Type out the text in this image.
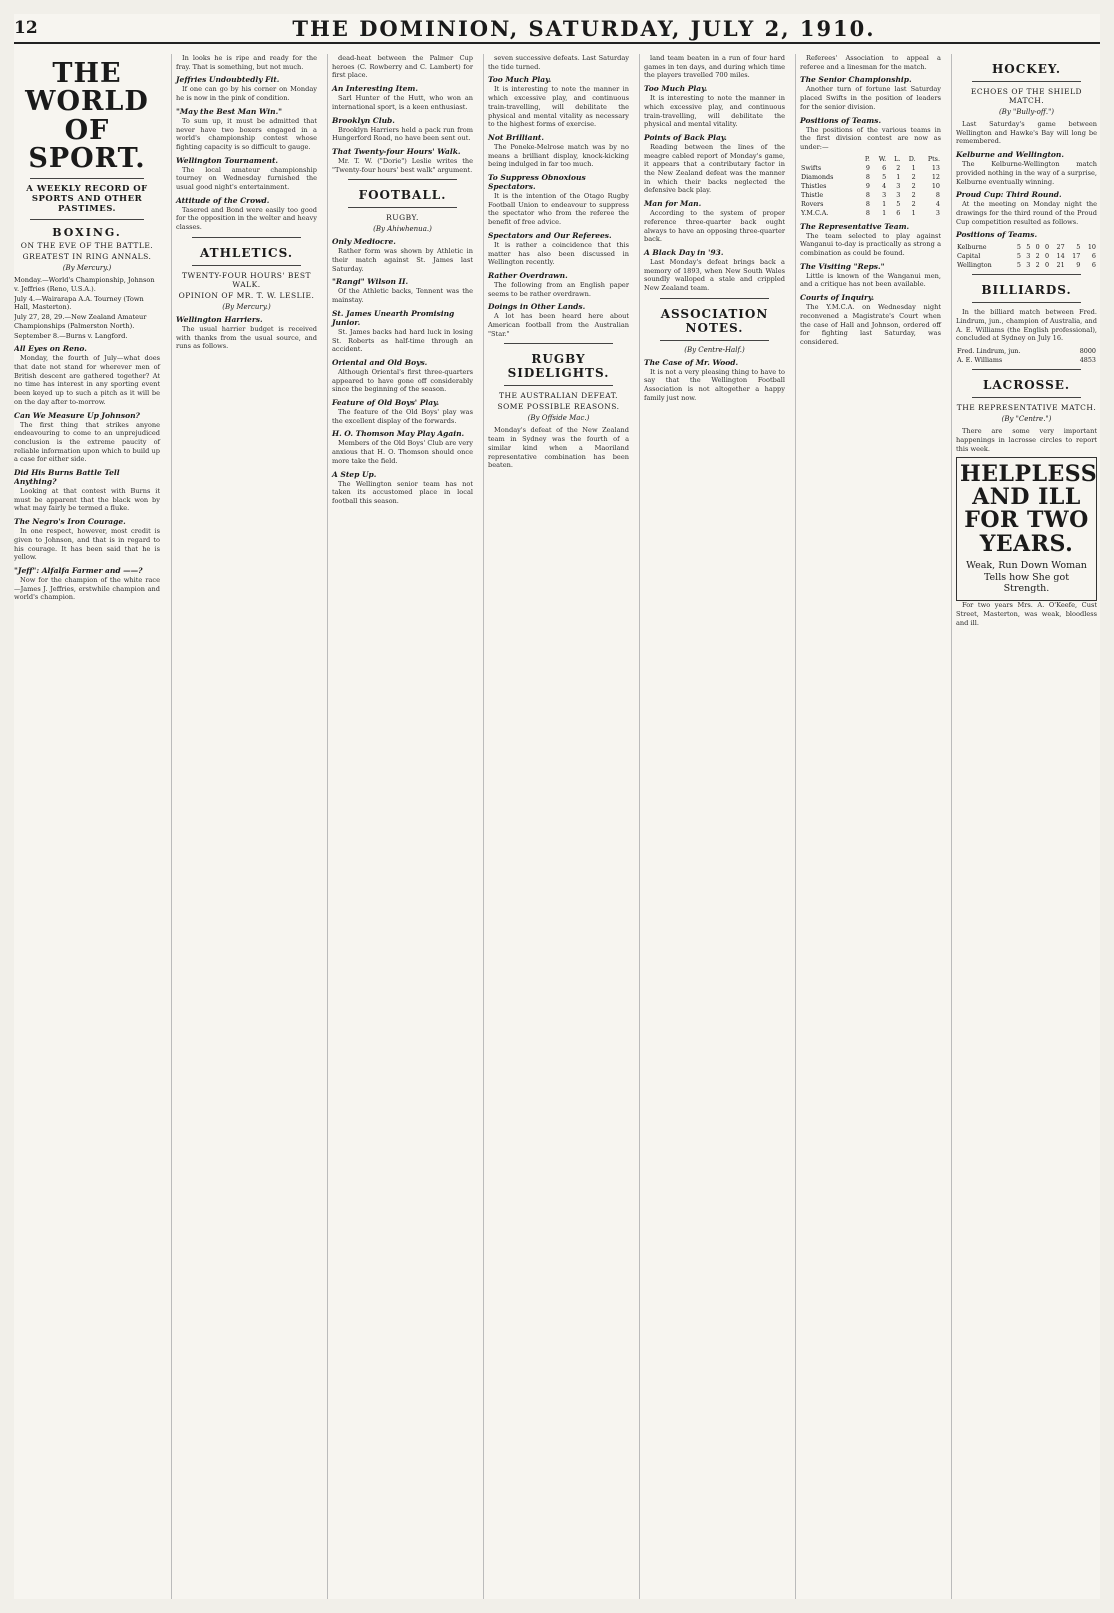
12	THE DOMINION, SATURDAY, JULY 2, 1910.
THE WORLD OF SPORT.
A WEEKLY RECORD OF SPORTS AND OTHER PASTIMES.
BOXING.
ON THE EVE OF THE BATTLE.
GREATEST IN RING ANNALS.
(By Mercury.)
Monday.—World's Championship, Johnson v. Jeffries (Reno, U.S.A.).
July 4.—Wairarapa A.A. Tourney (Town Hall, Masterton).
July 27, 28, 29.—New Zealand Amateur Championships (Palmerston North).
September 8.—Burns v. Langford.
All Eyes on Reno.
Monday, the fourth of July—what does that date not stand for wherever men of British descent are gathered together? At no time has interest in any sporting event been keyed up to such a pitch as it will be on the day after to-morrow.
Can We Measure Up Johnson?
The first thing that strikes anyone endeavouring to come to an unprejudiced conclusion is the extreme paucity of reliable information upon which to build up a case for either side.
Did His Burns Battle Tell Anything?
Looking at that contest with Burns it must be apparent that the black won by what may fairly be termed a fluke.
The Negro's Iron Courage.
In one respect, however, most credit is given to Johnson, and that is in regard to his courage. It has been said that he is yellow.
"Jeff": Alfalfa Farmer and ——?
Now for the champion of the white race—James J. Jeffries, erstwhile champion and world's champion.
In looks he is ripe and ready for the fray. That is something, but not much.
Jeffries Undoubtedly Fit.
If one can go by his corner on Monday he is now in the pink of condition.
"May the Best Man Win."
To sum up, it must be admitted that never have two boxers engaged in a world's championship contest whose fighting capacity is so difficult to gauge.
Wellington Tournament.
The local amateur championship tourney on Wednesday furnished the usual good night's entertainment.
Attitude of the Crowd.
Tasered and Bond were easily too good for the opposition in the welter and heavy classes.
ATHLETICS.
TWENTY-FOUR HOURS' BEST WALK.
OPINION OF MR. T. W. LESLIE.
(By Mercury.)
Wellington Harriers.
The usual harrier budget is received with thanks from the usual source, and runs as follows.
dead-heat between the Palmer Cup heroes (C. Rowberry and C. Lambert) for first place.
An Interesting Item.
Sarl Hunter of the Hutt, who won an international sport, is a keen enthusiast.
Brooklyn Club.
Brooklyn Harriers held a pack run from Hungerford Road, no have been sent out.
That Twenty-four Hours' Walk.
Mr. T. W. ("Dorie") Leslie writes the "Twenty-four hours' best walk" argument.
FOOTBALL.
RUGBY.
(By Ahiwhenua.)
Only Mediocre.
Rather form was shown by Athletic in their match against St. James last Saturday.
"Rangi" Wilson II.
Of the Athletic backs, Tennent was the mainstay.
St. James Unearth Promising Junior.
St. James backs had hard luck in losing St. Roberts as half-time through an accident.
Oriental and Old Boys.
Although Oriental's first three-quarters appeared to have gone off considerably since the beginning of the season.
Feature of Old Boys' Play.
The feature of the Old Boys' play was the excellent display of the forwards.
H. O. Thomson May Play Again.
Members of the Old Boys' Club are very anxious that H. O. Thomson should once more take the field.
A Step Up.
The Wellington senior team has not taken its accustomed place in local football this season.
seven successive defeats. Last Saturday the tide turned.
Too Much Play.
It is interesting to note the manner in which excessive play, and continuous train-travelling, will debilitate the physical and mental vitality as necessary to the highest forms of exercise.
Not Brilliant.
The Poneke-Melrose match was by no means a brilliant display, knock-kicking being indulged in far too much.
To Suppress Obnoxious Spectators.
It is the intention of the Otago Rugby Football Union to endeavour to suppress the spectator who from the referee the benefit of free advice.
Spectators and Our Referees.
It is rather a coincidence that this matter has also been discussed in Wellington recently.
Rather Overdrawn.
The following from an English paper seems to be rather overdrawn.
Doings in Other Lands.
A lot has been heard here about American football from the Australian "Star."
RUGBY SIDELIGHTS.
THE AUSTRALIAN DEFEAT.
SOME POSSIBLE REASONS.
(By Offside Mac.)
Monday's defeat of the New Zealand team in Sydney was the fourth of a similar kind when a Maoriland representative combination has been beaten.
land team beaten in a run of four hard games in ten days, and during which time the players travelled 700 miles.
Too Much Play.
It is interesting to note the manner in which excessive play, and continuous train-travelling, will debilitate the physical and mental vitality.
Points of Back Play.
Reading between the lines of the meagre cabled report of Monday's game, it appears that a contributary factor in the New Zealand defeat was the manner in which their backs neglected the defensive back play.
Man for Man.
According to the system of proper reference three-quarter back ought always to have an opposing three-quarter back.
A Black Day in '93.
Last Monday's defeat brings back a memory of 1893, when New South Wales soundly walloped a stale and crippled New Zealand team.
ASSOCIATION NOTES.
(By Centre-Half.)
The Case of Mr. Wood.
It is not a very pleasing thing to have to say that the Wellington Football Association is not altogether a happy family just now.
Referees' Association to appeal a referee and a linesman for the match.
The Senior Championship.
Another turn of fortune last Saturday placed Swifts in the position of leaders for the senior division.
Positions of Teams.
The positions of the various teams in the first division contest are now as under:—
	P.	W.	L.	D.	Pts.
Swifts	9	6	2	1	13
Diamonds	8	5	1	2	12
Thistles	9	4	3	2	10
Thistle	8	3	3	2	8
Rovers	8	1	5	2	4
Y.M.C.A.	8	1	6	1	3
The Representative Team.
The team selected to play against Wanganui to-day is practically as strong a combination as could be found.
The Visiting "Reps."
Little is known of the Wanganui men, and a critique has not been available.
Courts of Inquiry.
The Y.M.C.A. on Wednesday night reconvened a Magistrate's Court when the case of Hall and Johnson, ordered off for fighting last Saturday, was considered.
HOCKEY.
ECHOES OF THE SHIELD MATCH.
(By "Bully-off.")
Last Saturday's game between Wellington and Hawke's Bay will long be remembered.
Kelburne and Wellington.
The Kelburne-Wellington match provided nothing in the way of a surprise, Kelburne eventually winning.
Proud Cup: Third Round.
At the meeting on Monday night the drawings for the third round of the Proud Cup competition resulted as follows.
Positions of Teams.
Kelburne	5	5	0	0	27	5	10
Capital	5	3	2	0	14	17	6
Wellington	5	3	2	0	21	9	6
BILLIARDS.
In the billiard match between Fred. Lindrum, jun., champion of Australia, and A. E. Williams (the English professional), concluded at Sydney on July 16.
Fred. Lindrum, jun.	8000
A. E. Williams	4853
LACROSSE.
THE REPRESENTATIVE MATCH.
(By "Centre.")
There are some very important happenings in lacrosse circles to report this week.
HELPLESS AND ILL FOR TWO YEARS.
Weak, Run Down Woman Tells how She got Strength.
For two years Mrs. A. O'Keefe, Cust Street, Masterton, was weak, bloodless and ill.
